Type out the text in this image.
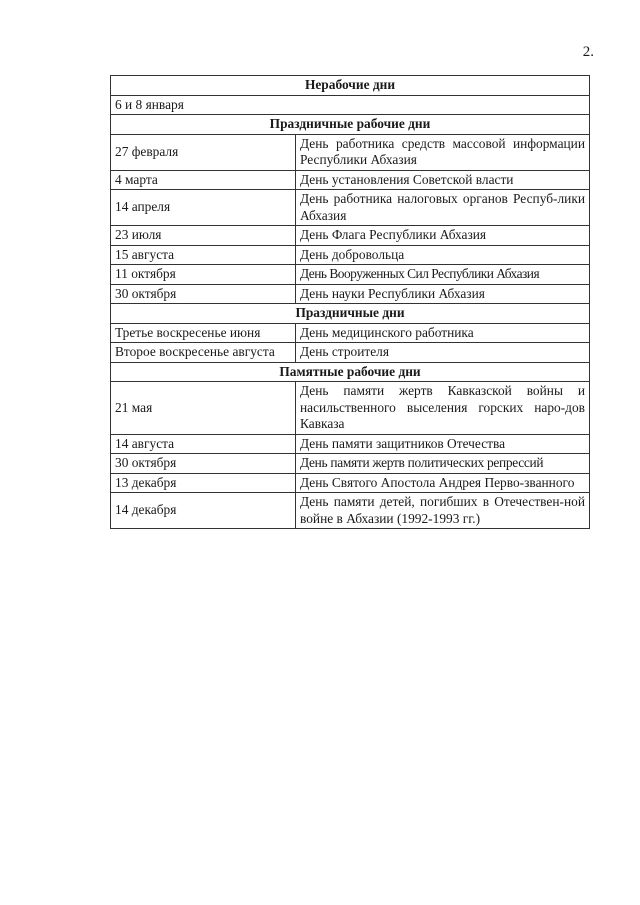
2.
Нерабочие дни	
6 и 8 января	
Праздничные рабочие дни	
27 февраля	День работника средств массовой информации Республики Абхазия
4 марта	День установления Советской власти
14 апреля	День работника налоговых органов Респуб-лики Абхазия
23 июля	День Флага Республики Абхазия
15 августа	День добровольца
11 октября	День Вооруженных Сил Республики Абхазия
30 октября	День науки Республики Абхазия
Праздничные дни	
Третье воскресенье июня	День медицинского работника
Второе воскресенье августа	День строителя
Памятные рабочие дни	
21 мая	День памяти жертв Кавказской войны и насильственного выселения горских наро-дов Кавказа
14 августа	День памяти защитников Отечества
30 октября	День памяти жертв политических репрессий
13 декабря	День Святого Апостола Андрея Перво-званного
14 декабря	День памяти детей, погибших в Отечествен-ной войне в Абхазии (1992-1993 гг.)
